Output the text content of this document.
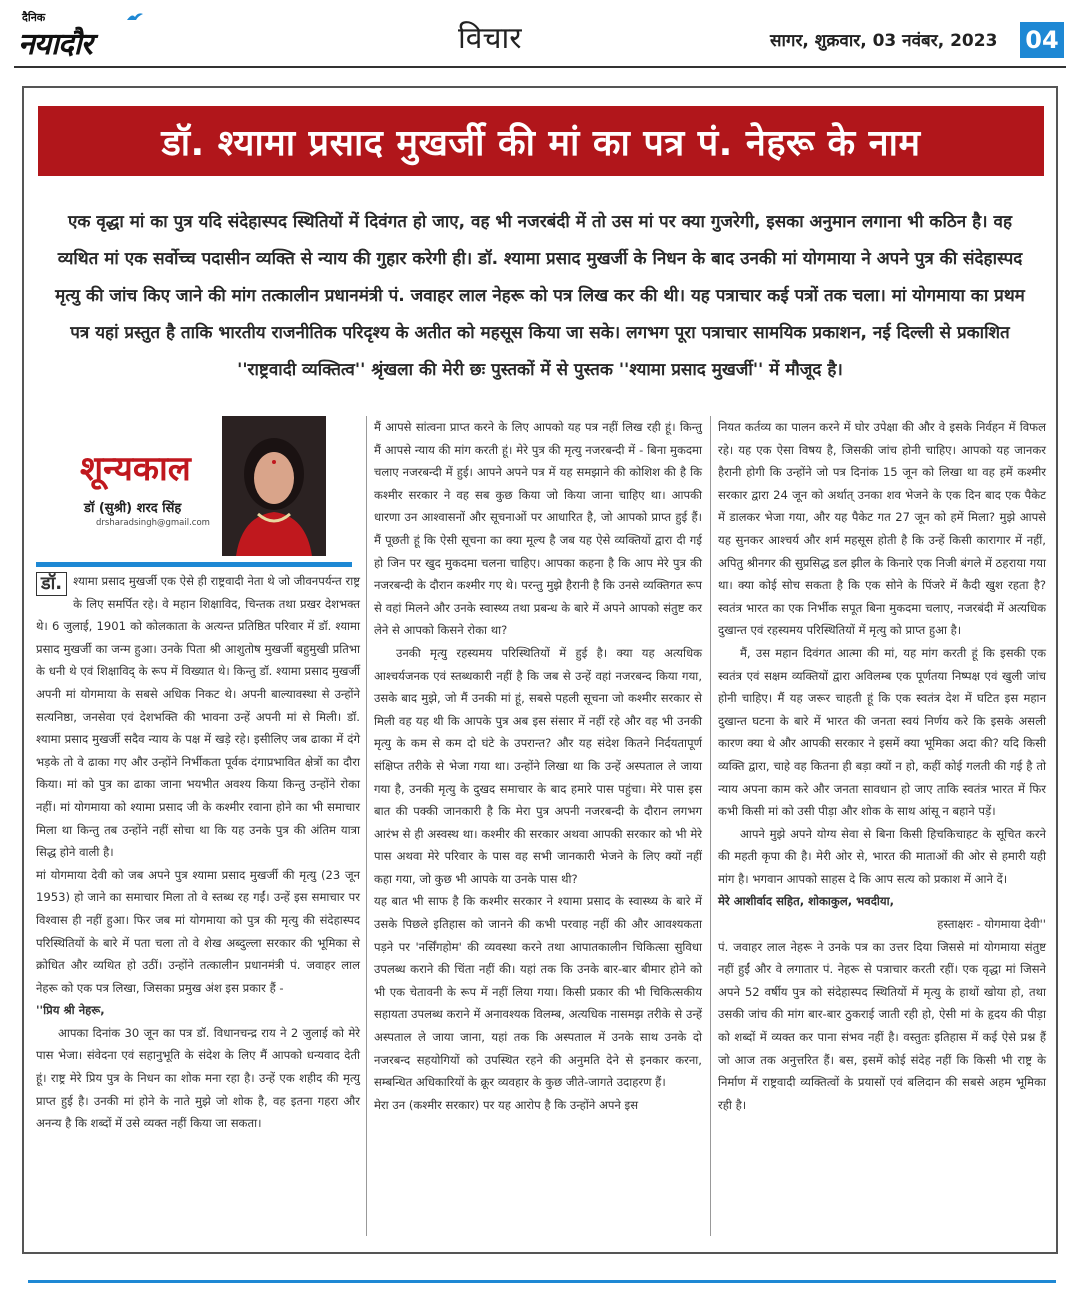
दैनिक
नयादौर	विचार	सागर, शुक्रवार, 03 नवंबर, 2023 04
डॉ. श्यामा प्रसाद मुखर्जी की मां का पत्र पं. नेहरू के नाम
एक वृद्धा मां का पुत्र यदि संदेहास्पद स्थितियों में दिवंगत हो जाए, वह भी नजरबंदी में तो उस मां पर क्या गुजरेगी, इसका अनुमान लगाना भी कठिन है। वह व्यथित मां एक सर्वोच्च पदासीन व्यक्ति से न्याय की गुहार करेगी ही। डॉ. श्यामा प्रसाद मुखर्जी के निधन के बाद उनकी मां योगमाया ने अपने पुत्र की संदेहास्पद मृत्यु की जांच किए जाने की मांग तत्कालीन प्रधानमंत्री पं. जवाहर लाल नेहरू को पत्र लिख कर की थी। यह पत्राचार कई पत्रों तक चला। मां योगमाया का प्रथम पत्र यहां प्रस्तुत है ताकि भारतीय राजनीतिक परिदृश्य के अतीत को महसूस किया जा सके। लगभग पूरा पत्राचार सामयिक प्रकाशन, नई दिल्ली से प्रकाशित ''राष्ट्रवादी व्यक्तित्व'' श्रृंखला की मेरी छः पुस्तकों में से पुस्तक ''श्यामा प्रसाद मुखर्जी'' में मौजूद है।
शून्यकाल
डॉ (सुश्री) शरद सिंह
drsharadsingh@gmail.com

डॉ. श्यामा प्रसाद मुखर्जी एक ऐसे ही राष्ट्रवादी नेता थे जो जीवनपर्यन्त राष्ट्र के लिए समर्पित रहे। वे महान शिक्षाविद, चिन्तक तथा प्रखर देशभक्त थे। 6 जुलाई, 1901 को कोलकाता के अत्यन्त प्रतिष्ठित परिवार में डॉ. श्यामा प्रसाद मुखर्जी का जन्म हुआ। उनके पिता श्री आशुतोष मुखर्जी बहुमुखी प्रतिभा के धनी थे एवं शिक्षाविद् के रूप में विख्यात थे। किन्तु डॉ. श्यामा प्रसाद मुखर्जी अपनी मां योगमाया के सबसे अधिक निकट थे। अपनी बाल्यावस्था से उन्होंने सत्यनिष्ठा, जनसेवा एवं देशभक्ति की भावना उन्हें अपनी मां से मिली। डॉ. श्यामा प्रसाद मुखर्जी सदैव न्याय के पक्ष में खड़े रहे। इसीलिए जब ढाका में दंगे भड़के तो वे ढाका गए और उन्होंने निर्भीकता पूर्वक दंगाप्रभावित क्षेत्रों का दौरा किया। मां को पुत्र का ढाका जाना भयभीत अवश्य किया किन्तु उन्होंने रोका नहीं। मां योगमाया को श्यामा प्रसाद जी के कश्मीर रवाना होने का भी समाचार मिला था किन्तु तब उन्होंने नहीं सोचा था कि यह उनके पुत्र की अंतिम यात्रा सिद्ध होने वाली है।

मां योगमाया देवी को जब अपने पुत्र श्यामा प्रसाद मुखर्जी की मृत्यु (23 जून 1953) हो जाने का समाचार मिला तो वे स्तब्ध रह गईं। उन्हें इस समाचार पर विश्वास ही नहीं हुआ। फिर जब मां योगमाया को पुत्र की मृत्यु की संदेहास्पद परिस्थितियों के बारे में पता चला तो वे शेख अब्दुल्ला सरकार की भूमिका से क्रोधित और व्यथित हो उठीं। उन्होंने तत्कालीन प्रधानमंत्री पं. जवाहर लाल नेहरू को एक पत्र लिखा, जिसका प्रमुख अंश इस प्रकार हैं -

''प्रिय श्री नेहरू,

आपका दिनांक 30 जून का पत्र डॉ. विधानचन्द्र राय ने 2 जुलाई को मेरे पास भेजा। संवेदना एवं सहानुभूति के संदेश के लिए मैं आपको धन्यवाद देती हूं। राष्ट्र मेरे प्रिय पुत्र के निधन का शोक मना रहा है। उन्हें एक शहीद की मृत्यु प्राप्त हुई है। उनकी मां होने के नाते मुझे जो शोक है, वह इतना गहरा और अनन्य है कि शब्दों में उसे व्यक्त नहीं किया जा सकता।

मैं आपसे सांत्वना प्राप्त करने के लिए आपको यह पत्र नहीं लिख रही हूं। किन्तु मैं आपसे न्याय की मांग करती हूं। मेरे पुत्र की मृत्यु नजरबन्दी में - बिना मुकदमा चलाए नजरबन्दी में हुई। आपने अपने पत्र में यह समझाने की कोशिश की है कि कश्मीर सरकार ने वह सब कुछ किया जो किया जाना चाहिए था। आपकी धारणा उन आश्वासनों और सूचनाओं पर आधारित है, जो आपको प्राप्त हुई हैं। मैं पूछती हूं कि ऐसी सूचना का क्या मूल्य है जब यह ऐसे व्यक्तियों द्वारा दी गई हो जिन पर खुद मुकदमा चलना चाहिए। आपका कहना है कि आप मेरे पुत्र की नजरबन्दी के दौरान कश्मीर गए थे। परन्तु मुझे हैरानी है कि उनसे व्यक्तिगत रूप से वहां मिलने और उनके स्वास्थ्य तथा प्रबन्ध के बारे में अपने आपको संतुष्ट कर लेने से आपको किसने रोका था?

उनकी मृत्यु रहस्यमय परिस्थितियों में हुई है। क्या यह अत्यधिक आश्चर्यजनक एवं स्तब्धकारी नहीं है कि जब से उन्हें वहां नजरबन्द किया गया, उसके बाद मुझे, जो मैं उनकी मां हूं, सबसे पहली सूचना जो कश्मीर सरकार से मिली वह यह थी कि आपके पुत्र अब इस संसार में नहीं रहे और वह भी उनकी मृत्यु के कम से कम दो घंटे के उपरान्त? और यह संदेश कितने निर्दयतापूर्ण संक्षिप्त तरीके से भेजा गया था। उन्होंने लिखा था कि उन्हें अस्पताल ले जाया गया है, उनकी मृत्यु के दुखद समाचार के बाद हमारे पास पहुंचा। मेरे पास इस बात की पक्की जानकारी है कि मेरा पुत्र अपनी नजरबन्दी के दौरान लगभग आरंभ से ही अस्वस्थ था। कश्मीर की सरकार अथवा आपकी सरकार को भी मेरे पास अथवा मेरे परिवार के पास वह सभी जानकारी भेजने के लिए क्यों नहीं कहा गया, जो कुछ भी आपके या उनके पास थी?

यह बात भी साफ है कि कश्मीर सरकार ने श्यामा प्रसाद के स्वास्थ्य के बारे में उसके पिछले इतिहास को जानने की कभी परवाह नहीं की और आवश्यकता पड़ने पर 'नर्सिंगहोम' की व्यवस्था करने तथा आपातकालीन चिकित्सा सुविधा उपलब्ध कराने की चिंता नहीं की। यहां तक कि उनके बार-बार बीमार होने को भी एक चेतावनी के रूप में नहीं लिया गया। किसी प्रकार की भी चिकित्सकीय सहायता उपलब्ध कराने में अनावश्यक विलम्ब, अत्यधिक नासमझ तरीके से उन्हें अस्पताल ले जाया जाना, यहां तक कि अस्पताल में उनके साथ उनके दो नजरबन्द सहयोगियों को उपस्थित रहने की अनुमति देने से इनकार करना, सम्बन्धित अधिकारियों के क्रूर व्यवहार के कुछ जीते-जागते उदाहरण हैं।

मेरा उन (कश्मीर सरकार) पर यह आरोप है कि उन्होंने अपने इस

नियत कर्तव्य का पालन करने में घोर उपेक्षा की और वे इसके निर्वहन में विफल रहे। यह एक ऐसा विषय है, जिसकी जांच होनी चाहिए। आपको यह जानकर हैरानी होगी कि उन्होंने जो पत्र दिनांक 15 जून को लिखा था वह हमें कश्मीर सरकार द्वारा 24 जून को अर्थात् उनका शव भेजने के एक दिन बाद एक पैकेट में डालकर भेजा गया, और यह पैकेट गत 27 जून को हमें मिला? मुझे आपसे यह सुनकर आश्चर्य और शर्म महसूस होती है कि उन्हें किसी कारागार में नहीं, अपितु श्रीनगर की सुप्रसिद्ध डल झील के किनारे एक निजी बंगले में ठहराया गया था। क्या कोई सोच सकता है कि एक सोने के पिंजरे में कैदी खुश रहता है? स्वतंत्र भारत का एक निर्भीक सपूत बिना मुकदमा चलाए, नजरबंदी में अत्यधिक दुखान्त एवं रहस्यमय परिस्थितियों में मृत्यु को प्राप्त हुआ है।

मैं, उस महान दिवंगत आत्मा की मां, यह मांग करती हूं कि इसकी एक स्वतंत्र एवं सक्षम व्यक्तियों द्वारा अविलम्ब एक पूर्णतया निष्पक्ष एवं खुली जांच होनी चाहिए। मैं यह जरूर चाहती हूं कि एक स्वतंत्र देश में घटित इस महान दुखान्त घटना के बारे में भारत की जनता स्वयं निर्णय करे कि इसके असली कारण क्या थे और आपकी सरकार ने इसमें क्या भूमिका अदा की? यदि किसी व्यक्ति द्वारा, चाहे वह कितना ही बड़ा क्यों न हो, कहीं कोई गलती की गई है तो न्याय अपना काम करे और जनता सावधान हो जाए ताकि स्वतंत्र भारत में फिर कभी किसी मां को उसी पीड़ा और शोक के साथ आंसू न बहाने पड़ें।

आपने मुझे अपने योग्य सेवा से बिना किसी हिचकिचाहट के सूचित करने की महती कृपा की है। मेरी ओर से, भारत की माताओं की ओर से हमारी यही मांग है। भगवान आपको साहस दे कि आप सत्य को प्रकाश में आने दें।

मेरे आशीर्वाद सहित, शोकाकुल, भवदीया,

हस्ताक्षरः - योगमाया देवी''

पं. जवाहर लाल नेहरू ने उनके पत्र का उत्तर दिया जिससे मां योगमाया संतुष्ट नहीं हुईं और वे लगातार पं. नेहरू से पत्राचार करती रहीं। एक वृद्धा मां जिसने अपने 52 वर्षीय पुत्र को संदेहास्पद स्थितियों में मृत्यु के हाथों खोया हो, तथा उसकी जांच की मांग बार-बार ठुकराई जाती रही हो, ऐसी मां के हृदय की पीड़ा को शब्दों में व्यक्त कर पाना संभव नहीं है। वस्तुतः इतिहास में कई ऐसे प्रश्न हैं जो आज तक अनुत्तरित हैं। बस, इसमें कोई संदेह नहीं कि किसी भी राष्ट्र के निर्माण में राष्ट्रवादी व्यक्तित्वों के प्रयासों एवं बलिदान की सबसे अहम भूमिका रही है।
